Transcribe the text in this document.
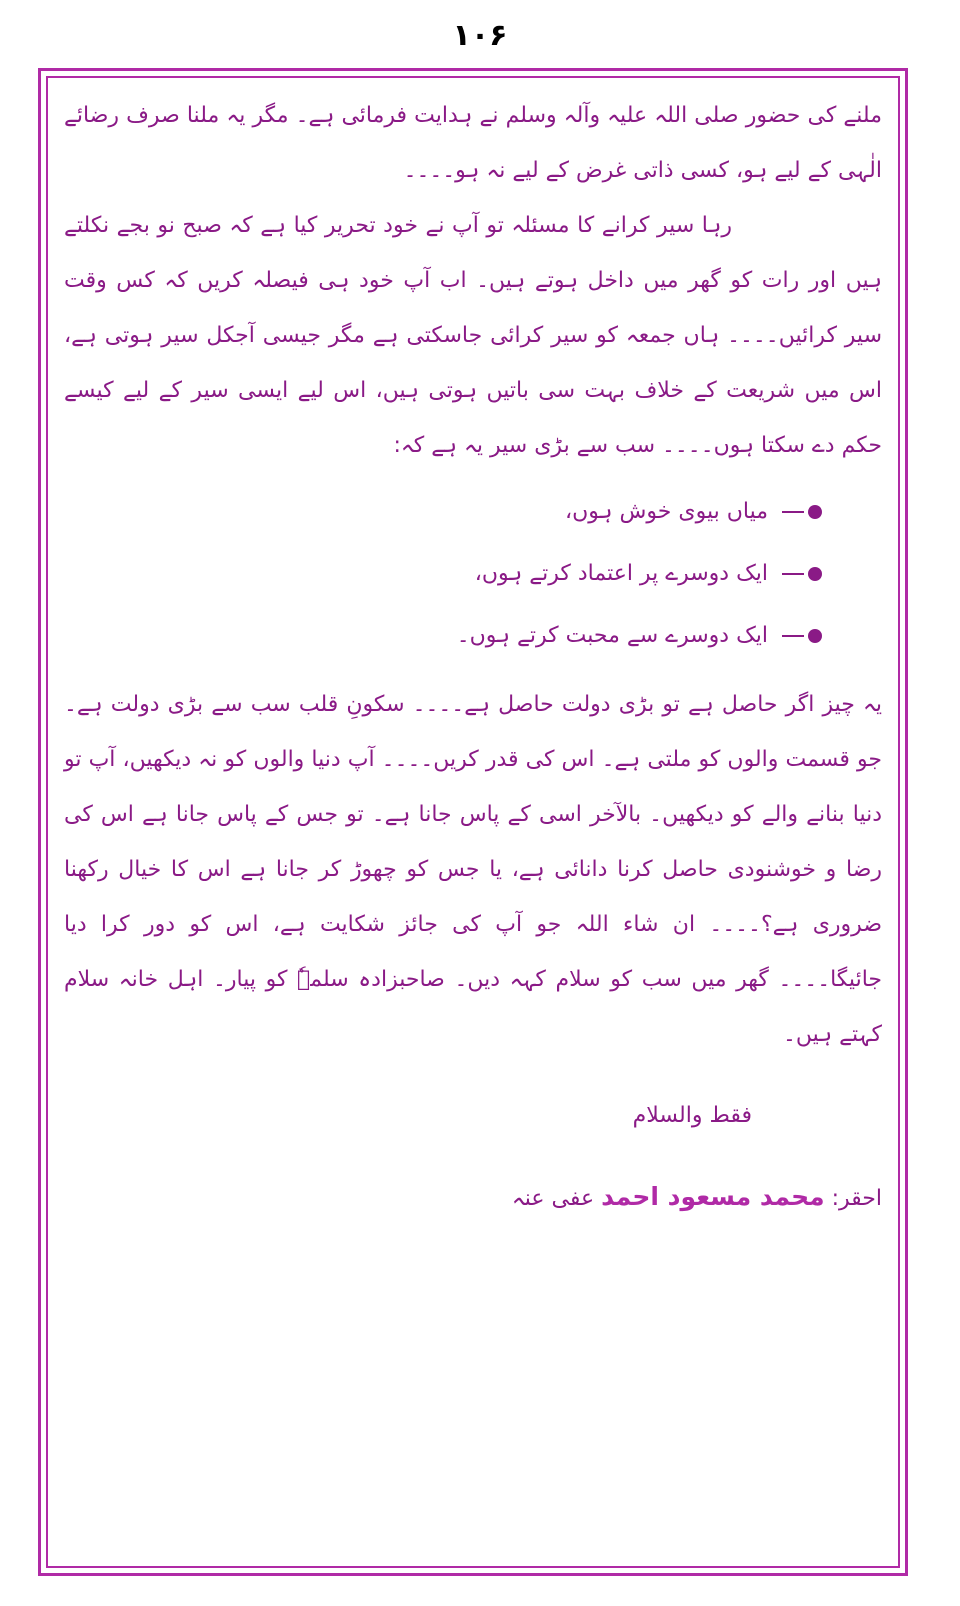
۱۰۶

ملنے کی حضور صلی اللہ علیہ وآلہ وسلم نے ہدایت فرمائی ہے۔ مگر یہ ملنا صرف رضائے الٰہی کے لیے ہو، کسی ذاتی غرض کے لیے نہ ہو۔۔۔۔

رہا سیر کرانے کا مسئلہ تو آپ نے خود تحریر کیا ہے کہ صبح نو بجے نکلتے ہیں اور رات کو گھر میں داخل ہوتے ہیں۔ اب آپ خود ہی فیصلہ کریں کہ کس وقت سیر کرائیں۔۔۔۔ ہاں جمعہ کو سیر کرائی جاسکتی ہے مگر جیسی آجکل سیر ہوتی ہے، اس میں شریعت کے خلاف بہت سی باتیں ہوتی ہیں، اس لیے ایسی سیر کے لیے کیسے حکم دے سکتا ہوں۔۔۔۔ سب سے بڑی سیر یہ ہے کہ:

میاں بیوی خوش ہوں،
ایک دوسرے پر اعتماد کرتے ہوں،
ایک دوسرے سے محبت کرتے ہوں۔

یہ چیز اگر حاصل ہے تو بڑی دولت حاصل ہے۔۔۔۔ سکونِ قلب سب سے بڑی دولت ہے۔ جو قسمت والوں کو ملتی ہے۔ اس کی قدر کریں۔۔۔۔ آپ دنیا والوں کو نہ دیکھیں، آپ تو دنیا بنانے والے کو دیکھیں۔ بالآخر اسی کے پاس جانا ہے۔ تو جس کے پاس جانا ہے اس کی رضا و خوشنودی حاصل کرنا دانائی ہے، یا جس کو چھوڑ کر جانا ہے اس کا خیال رکھنا ضروری ہے؟۔۔۔۔ ان شاء اللہ جو آپ کی جائز شکایت ہے، اس کو دور کرا دیا جائیگا۔۔۔۔ گھر میں سب کو سلام کہہ دیں۔ صاحبزادہ سلمہٗ کو پیار۔ اہل خانہ سلام کہتے ہیں۔

فقط والسلام

احقر: محمد مسعود احمد عفی عنہ
